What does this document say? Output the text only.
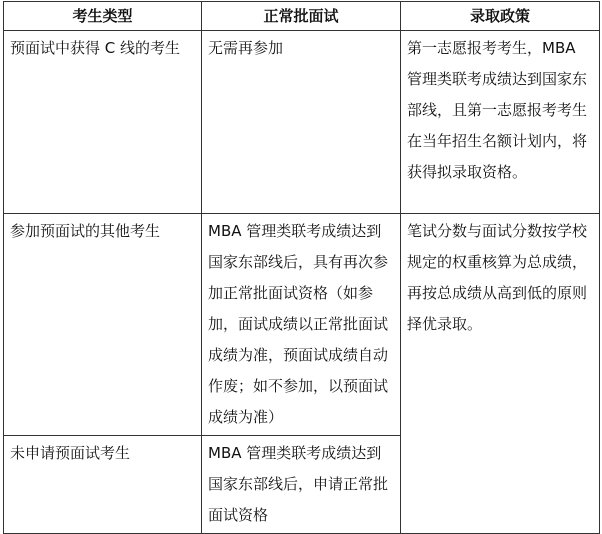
考生类型	正常批面试	录取政策
预面试中获得 C 线的考生	无需再参加	第一志愿报考考生，MBA 管理类联考成绩达到国家东部线，且第一志愿报考考生在当年招生名额计划内，将获得拟录取资格。
参加预面试的其他考生	MBA 管理类联考成绩达到国家东部线后，具有再次参加正常批面试资格（如参加，面试成绩以正常批面试成绩为准，预面试成绩自动作废；如不参加，以预面试成绩为准）	笔试分数与面试分数按学校规定的权重核算为总成绩，再按总成绩从高到低的原则择优录取。
未申请预面试考生	MBA 管理类联考成绩达到国家东部线后，申请正常批面试资格	
